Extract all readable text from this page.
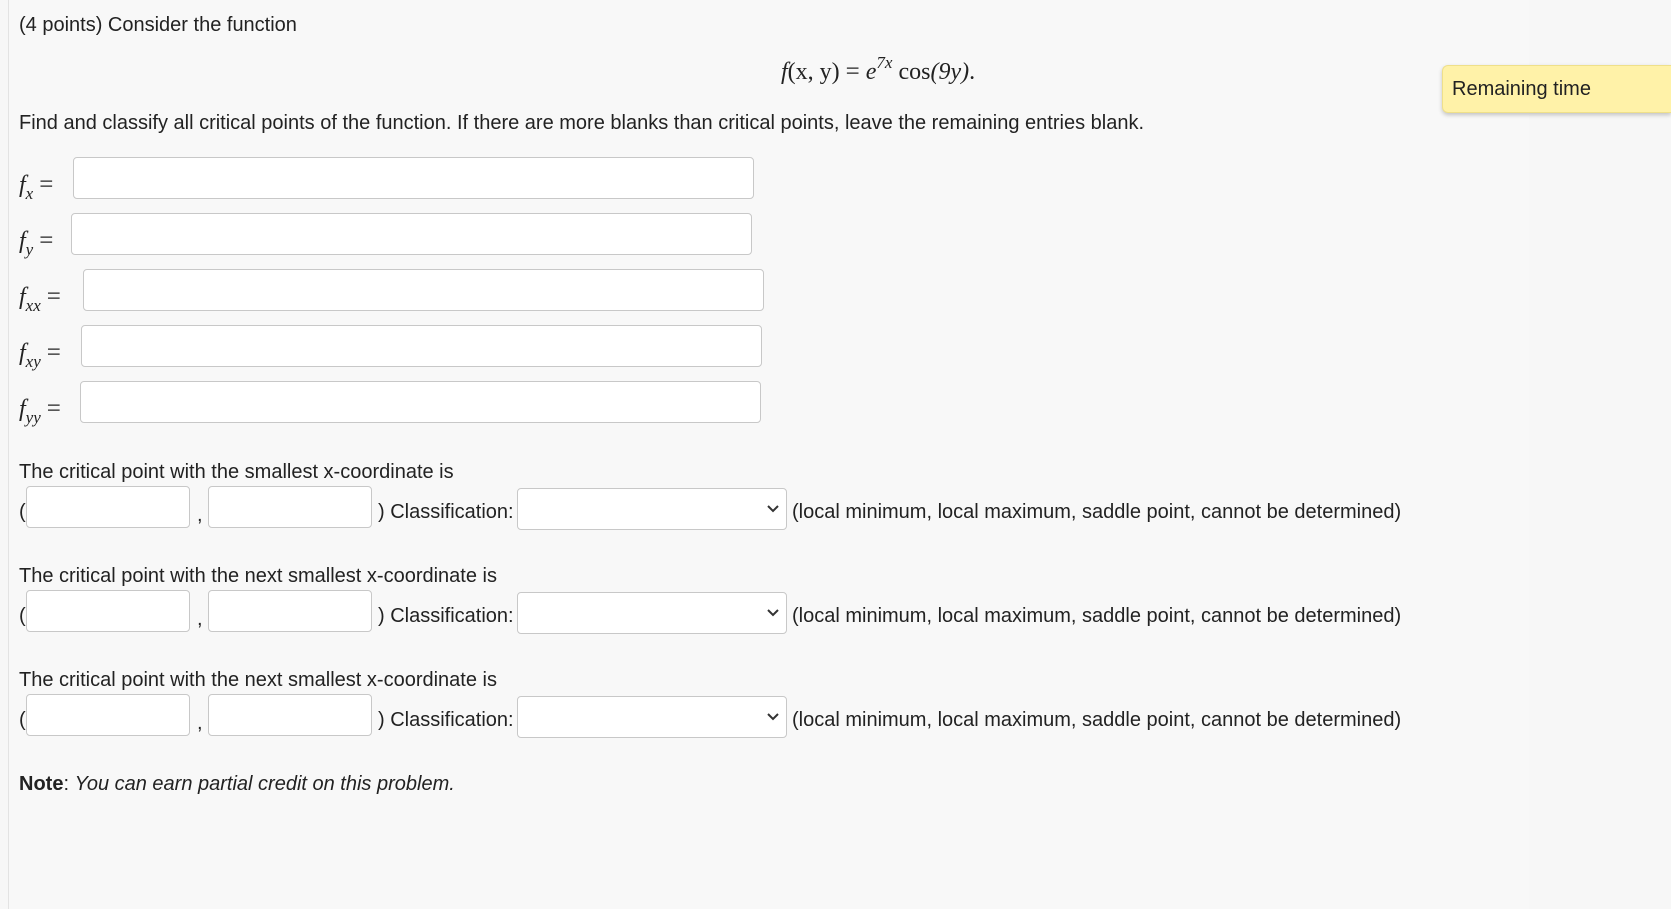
(4 points) Consider the function
f(x, $y) = e^{7x}$ cos(9y).
Find and classify all critical points of the function. If there are more blanks than critical points, leave the remaining entries blank.
$f_x$ =
$f_y$ =
$f_{xx}$ =
$f_{xy}$ =
$f_{yy}$ =
The critical point with the smallest x-coordinate is
(	,	) Classification:	(local minimum, local maximum, saddle point, cannot be determined)
The critical point with the next smallest x-coordinate is
(	,	) Classification:	(local minimum, local maximum, saddle point, cannot be determined)
The critical point with the next smallest x-coordinate is
(	,	) Classification:	(local minimum, local maximum, saddle point, cannot be determined)
Note: You can earn partial credit on this problem.
Remaining time
